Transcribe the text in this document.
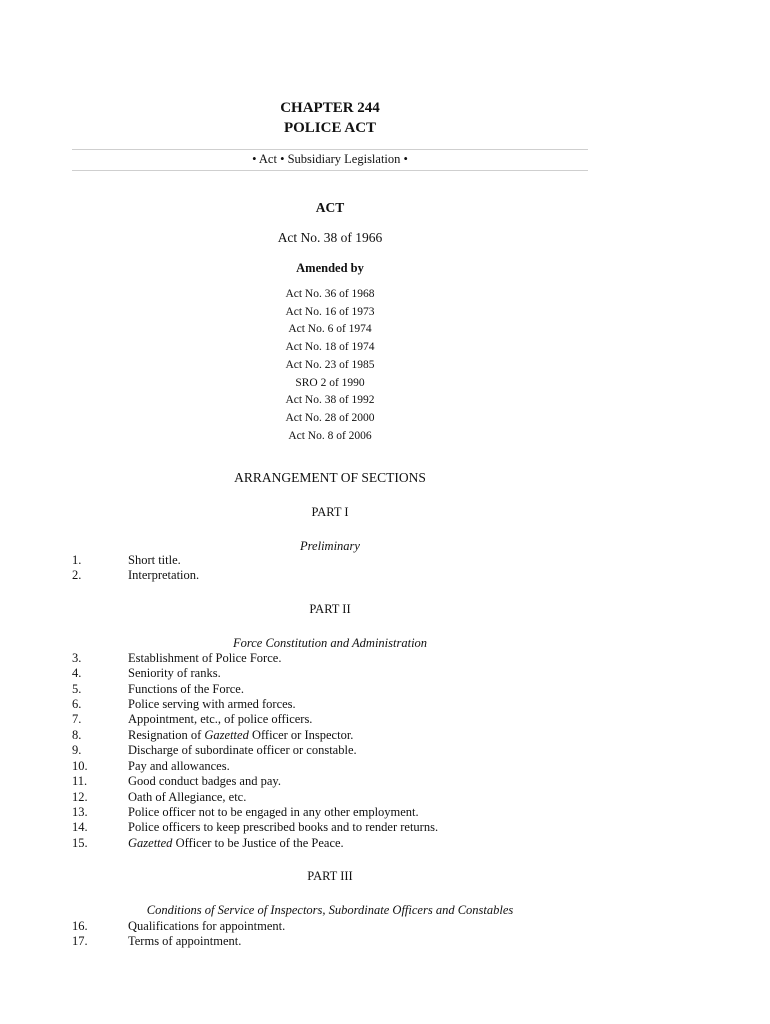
CHAPTER 244
POLICE ACT
• Act • Subsidiary Legislation •
ACT
Act No. 38 of 1966
Amended by
Act No. 36 of 1968
Act No. 16 of 1973
Act No. 6 of 1974
Act No. 18 of 1974
Act No. 23 of 1985
SRO 2 of 1990
Act No. 38 of 1992
Act No. 28 of 2000
Act No. 8 of 2006
ARRANGEMENT OF SECTIONS
PART I
Preliminary
1.	Short title.
2.	Interpretation.
PART II
Force Constitution and Administration
3.	Establishment of Police Force.
4.	Seniority of ranks.
5.	Functions of the Force.
6.	Police serving with armed forces.
7.	Appointment, etc., of police officers.
8.	Resignation of Gazetted Officer or Inspector.
9.	Discharge of subordinate officer or constable.
10.	Pay and allowances.
11.	Good conduct badges and pay.
12.	Oath of Allegiance, etc.
13.	Police officer not to be engaged in any other employment.
14.	Police officers to keep prescribed books and to render returns.
15.	Gazetted Officer to be Justice of the Peace.
PART III
Conditions of Service of Inspectors, Subordinate Officers and Constables
16.	Qualifications for appointment.
17.	Terms of appointment.
